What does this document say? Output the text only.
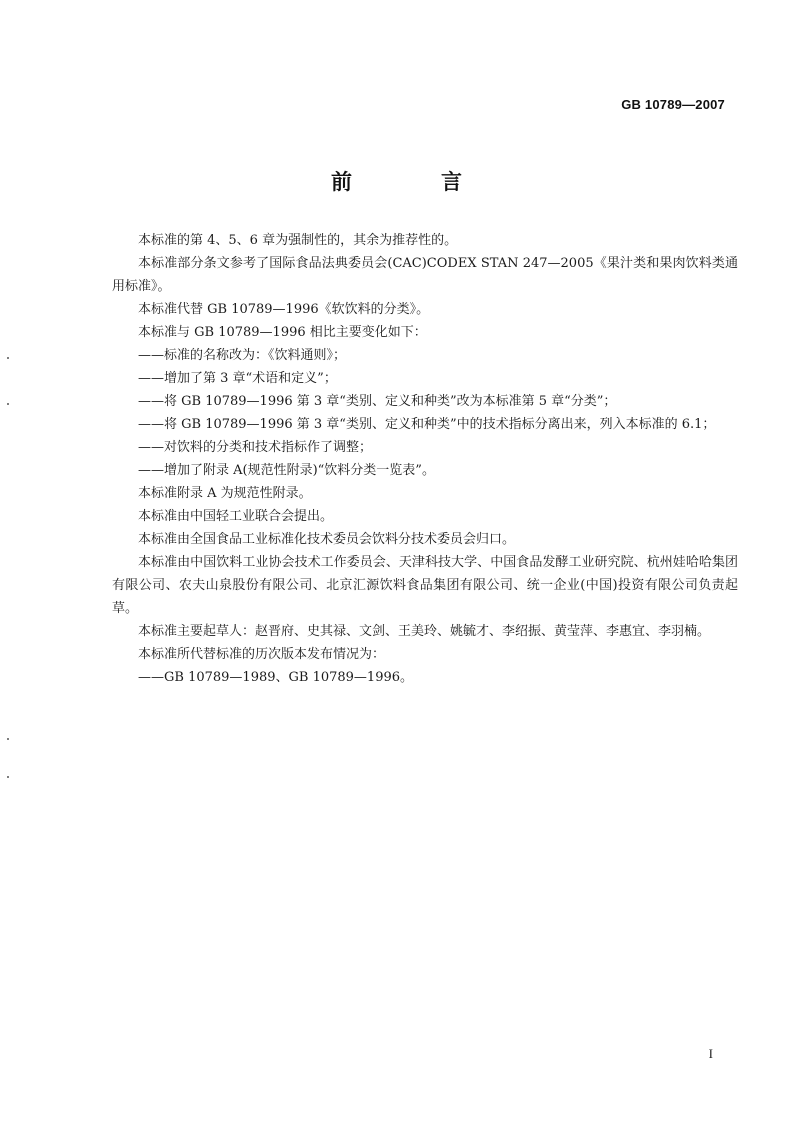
GB 10789—2007
前　言

本标准的第 4、5、6 章为强制性的，其余为推荐性的。

本标准部分条文参考了国际食品法典委员会(CAC)CODEX STAN 247—2005《果汁类和果肉饮料类通用标准》。

本标准代替 GB 10789—1996《软饮料的分类》。

本标准与 GB 10789—1996 相比主要变化如下：

——标准的名称改为：《饮料通则》；

——增加了第 3 章“术语和定义”；

——将 GB 10789—1996 第 3 章“类别、定义和种类”改为本标准第 5 章“分类”；

——将 GB 10789—1996 第 3 章“类别、定义和种类”中的技术指标分离出来，列入本标准的 6.1；

——对饮料的分类和技术指标作了调整；

——增加了附录 A(规范性附录)“饮料分类一览表”。

本标准附录 A 为规范性附录。

本标准由中国轻工业联合会提出。

本标准由全国食品工业标准化技术委员会饮料分技术委员会归口。

本标准由中国饮料工业协会技术工作委员会、天津科技大学、中国食品发酵工业研究院、杭州娃哈哈集团有限公司、农夫山泉股份有限公司、北京汇源饮料食品集团有限公司、统一企业(中国)投资有限公司负责起草。

本标准主要起草人：赵晋府、史其禄、文剑、王美玲、姚毓才、李绍振、黄莹萍、李惠宜、李羽楠。

本标准所代替标准的历次版本发布情况为：

——GB 10789—1989、GB 10789—1996。

I
